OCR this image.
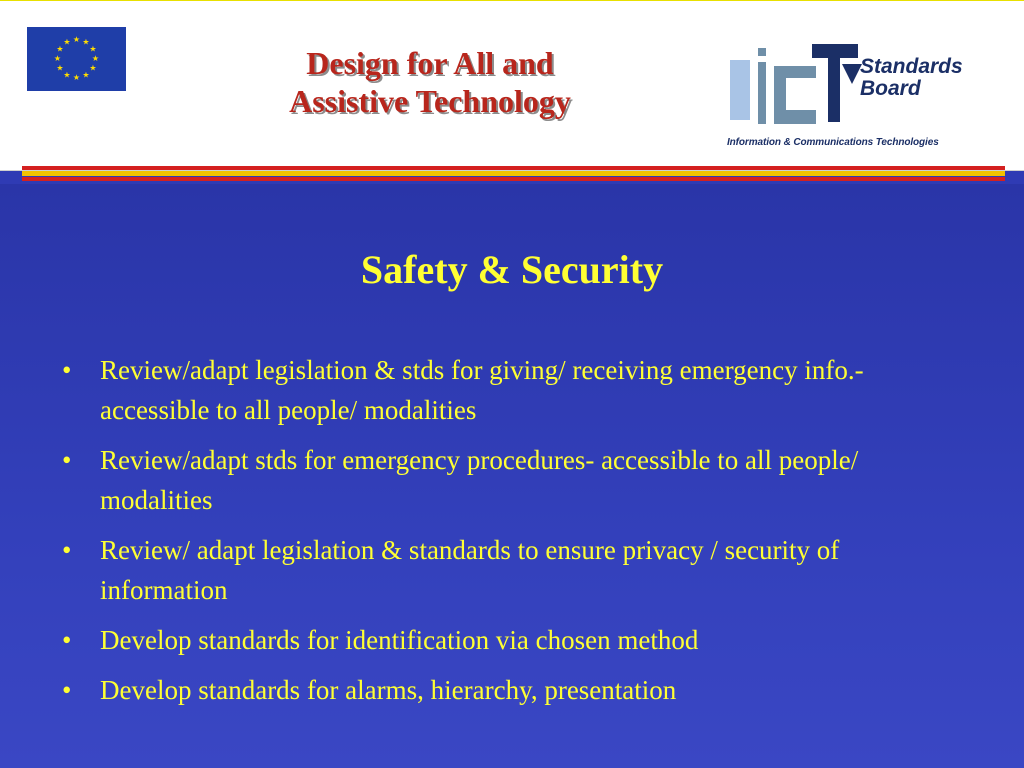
★ ★
★
★
★
★
★
★
★
★
★
★
Design for All and
Assistive Technology
Standards
Board
Information & Communications Technologies
Safety & Security
• Review/adapt legislation & stds for giving/ receiving emergency info.- accessible to all people/ modalities
• Review/adapt stds for emergency procedures- accessible to all people/ modalities
• Review/ adapt legislation & standards to ensure privacy / security of information
• Develop standards for identification via chosen method
• Develop standards for alarms, hierarchy, presentation
